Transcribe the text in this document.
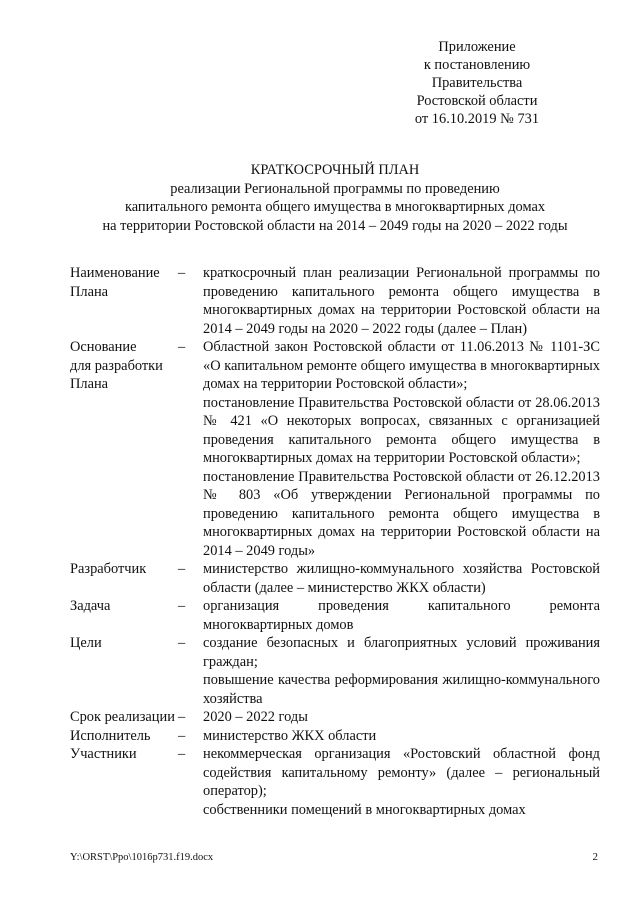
Приложение
к постановлению
Правительства
Ростовской области
от 16.10.2019 № 731
КРАТКОСРОЧНЫЙ ПЛАН
реализации Региональной программы по проведению
капитального ремонта общего имущества в многоквартирных домах
на территории Ростовской области на 2014 – 2049 годы на 2020 – 2022 годы
Наименование
Плана
–	краткосрочный план реализации Региональной программы по проведению капитального ремонта общего имущества в многоквартирных домах на территории Ростовской области на 2014 – 2049 годы на 2020 – 2022 годы (далее – План)

Основание
для разработки
Плана
–	Областной закон Ростовской области от 11.06.2013 № 1101-ЗС «О капитальном ремонте общего имущества в многоквартирных домах на территории Ростовской области»;

постановление Правительства Ростовской области от 28.06.2013 № 421 «О некоторых вопросах, связанных с организацией проведения капитального ремонта общего имущества в многоквартирных домах на территории Ростовской области»;

постановление Правительства Ростовской области от 26.12.2013 № 803 «Об утверждении Региональной программы по проведению капитального ремонта общего имущества в многоквартирных домах на территории Ростовской области на 2014 – 2049 годы»

Разработчик	–	министерство жилищно-коммунального хозяйства Ростовской области (далее – министерство ЖКХ области)

Задача	–	организация проведения капитального ремонта многоквартирных домов

Цели	–	создание безопасных и благоприятных условий проживания граждан;

повышение качества реформирования жилищно-коммунального хозяйства

Срок реализации –	2020 – 2022 годы

Исполнитель	–	министерство ЖКХ области

Участники	–	некоммерческая организация «Ростовский областной фонд содействия капитальному ремонту» (далее – региональный оператор);

собственники помещений в многоквартирных домах

Y:\ORST\Ppo\1016p731.f19.docx	2
